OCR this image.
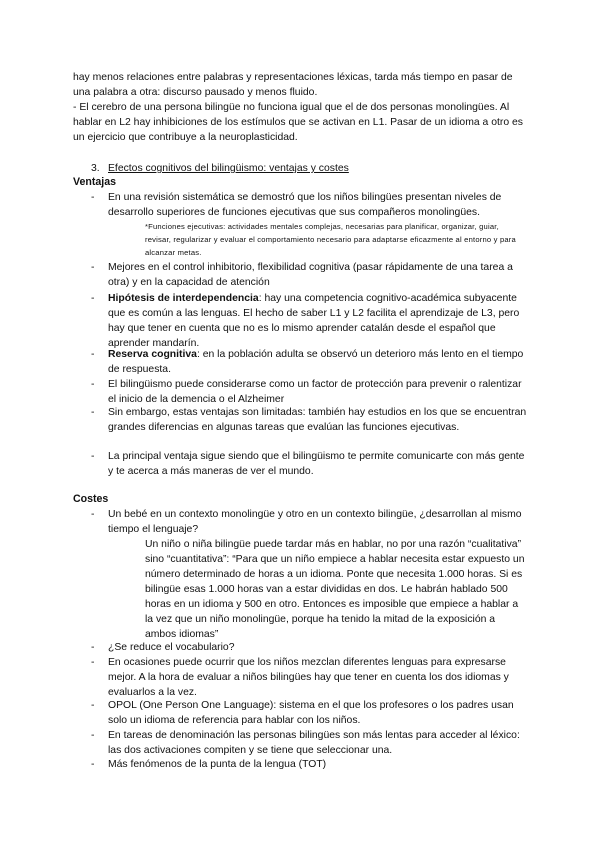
hay menos relaciones entre palabras y representaciones léxicas, tarda más tiempo en pasar de una palabra a otra: discurso pausado y menos fluido.

- El cerebro de una persona bilingüe no funciona igual que el de dos personas monolingües. Al hablar en L2 hay inhibiciones de los estímulos que se activan en L1. Pasar de un idioma a otro es un ejercicio que contribuye a la neuroplasticidad.

3. Efectos cognitivos del bilingüismo: ventajas y costes

Ventajas

- En una revisión sistemática se demostró que los niños bilingües presentan niveles de desarrollo superiores de funciones ejecutivas que sus compañeros monolingües.

*Funciones ejecutivas: actividades mentales complejas, necesarias para planificar, organizar, guiar, revisar, regularizar y evaluar el comportamiento necesario para adaptarse eficazmente al entorno y para alcanzar metas.

- Mejores en el control inhibitorio, flexibilidad cognitiva (pasar rápidamente de una tarea a otra) y en la capacidad de atención
- Hipótesis de interdependencia: hay una competencia cognitivo-académica subyacente que es común a las lenguas. El hecho de saber L1 y L2 facilita el aprendizaje de L3, pero hay que tener en cuenta que no es lo mismo aprender catalán desde el español que aprender mandarín.
- Reserva cognitiva: en la población adulta se observó un deterioro más lento en el tiempo de respuesta.
- El bilingüismo puede considerarse como un factor de protección para prevenir o ralentizar el inicio de la demencia o el Alzheimer
- Sin embargo, estas ventajas son limitadas: también hay estudios en los que se encuentran grandes diferencias en algunas tareas que evalúan las funciones ejecutivas.
- La principal ventaja sigue siendo que el bilingüismo te permite comunicarte con más gente y te acerca a más maneras de ver el mundo.

Costes

- Un bebé en un contexto monolingüe y otro en un contexto bilingüe, ¿desarrollan al mismo tiempo el lenguaje?

Un niño o niña bilingüe puede tardar más en hablar, no por una razón “cualitativa” sino “cuantitativa”: “Para que un niño empiece a hablar necesita estar expuesto un número determinado de horas a un idioma. Ponte que necesita 1.000 horas. Si es bilingüe esas 1.000 horas van a estar divididas en dos. Le habrán hablado 500 horas en un idioma y 500 en otro. Entonces es imposible que empiece a hablar a la vez que un niño monolingüe, porque ha tenido la mitad de la exposición a ambos idiomas”

- ¿Se reduce el vocabulario?
- En ocasiones puede ocurrir que los niños mezclan diferentes lenguas para expresarse mejor. A la hora de evaluar a niños bilingües hay que tener en cuenta los dos idiomas y evaluarlos a la vez.
- OPOL (One Person One Language): sistema en el que los profesores o los padres usan solo un idioma de referencia para hablar con los niños.
- En tareas de denominación las personas bilingües son más lentas para acceder al léxico: las dos activaciones compiten y se tiene que seleccionar una.
- Más fenómenos de la punta de la lengua (TOT)
